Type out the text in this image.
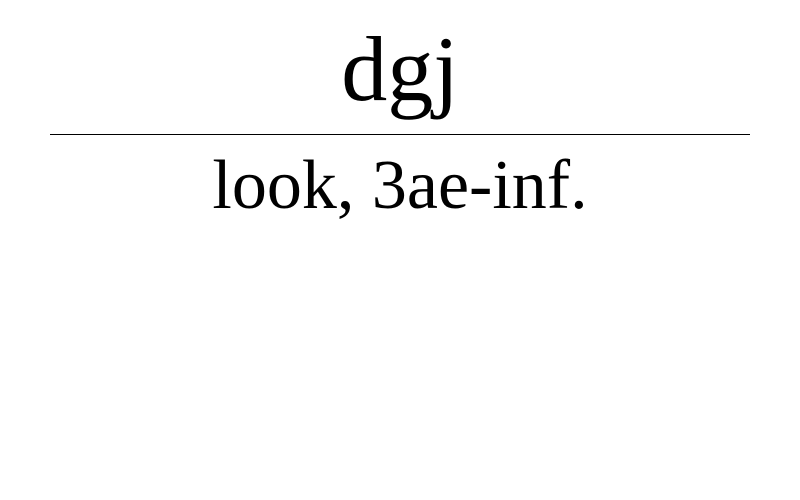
dgj

look, 3ae-inf.
